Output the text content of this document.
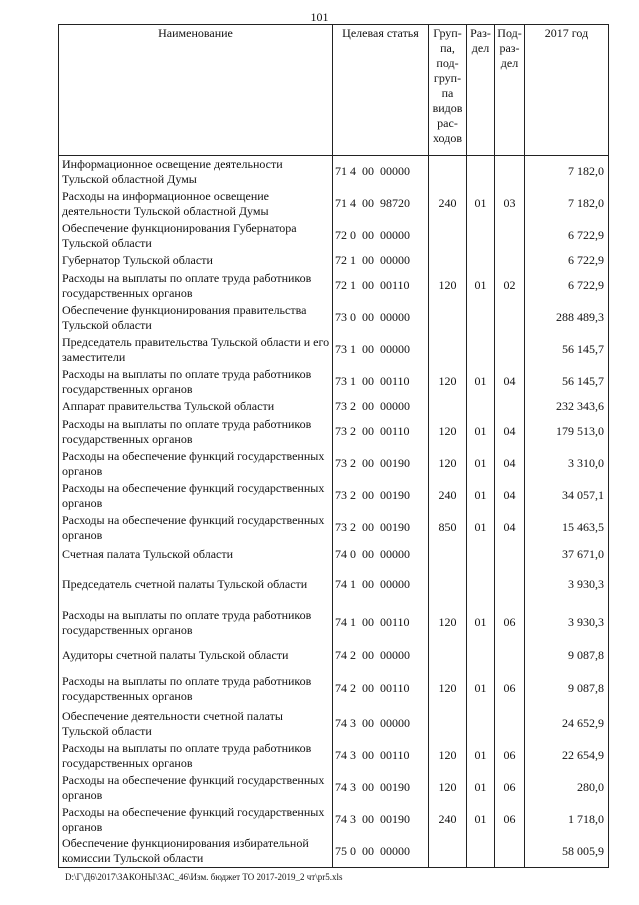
101
Наименование	Целевая статья	Груп-па, под-груп-па видов рас-ходов	Раз-дел	Под-раз-дел	2017 год
Информационное освещение деятельности Тульской областной Думы	71 4  00  00000				7 182,0
Расходы на информационное освещение деятельности Тульской областной Думы	71 4  00  98720	240	01	03	7 182,0
Обеспечение функционирования Губернатора Тульской области	72 0  00  00000				6 722,9
Губернатор Тульской области	72 1  00  00000				6 722,9
Расходы на выплаты по оплате труда работников государственных органов	72 1  00  00110	120	01	02	6 722,9
Обеспечение функционирования правительства Тульской области	73 0  00  00000				288 489,3
Председатель правительства Тульской области и его заместители	73 1  00  00000				56 145,7
Расходы на выплаты по оплате труда работников государственных органов	73 1  00  00110	120	01	04	56 145,7
Аппарат правительства Тульской области	73 2  00  00000				232 343,6
Расходы на выплаты по оплате труда работников государственных органов	73 2  00  00110	120	01	04	179 513,0
Расходы на обеспечение функций государственных органов	73 2  00  00190	120	01	04	3 310,0
Расходы на обеспечение функций государственных органов	73 2  00  00190	240	01	04	34 057,1
Расходы на обеспечение функций государственных органов	73 2  00  00190	850	01	04	15 463,5
Счетная палата Тульской области	74 0  00  00000				37 671,0
Председатель счетной палаты Тульской области	74 1  00  00000				3 930,3
Расходы на выплаты по оплате труда работников государственных органов	74 1  00  00110	120	01	06	3 930,3
Аудиторы счетной палаты Тульской области	74 2  00  00000				9 087,8
Расходы на выплаты по оплате труда работников государственных органов	74 2  00  00110	120	01	06	9 087,8
Обеспечение деятельности счетной палаты Тульской области	74 3  00  00000				24 652,9
Расходы на выплаты по оплате труда работников государственных органов	74 3  00  00110	120	01	06	22 654,9
Расходы на обеспечение функций государственных органов	74 3  00  00190	120	01	06	280,0
Расходы на обеспечение функций государственных органов	74 3  00  00190	240	01	06	1 718,0
Обеспечение функционирования избирательной комиссии Тульской области	75 0  00  00000				58 005,9
D:\Г\Д6\2017\ЗАКОНЫ\ЗАС_46\Изм. бюджет ТО 2017-2019_2 чт\pr5.xls
